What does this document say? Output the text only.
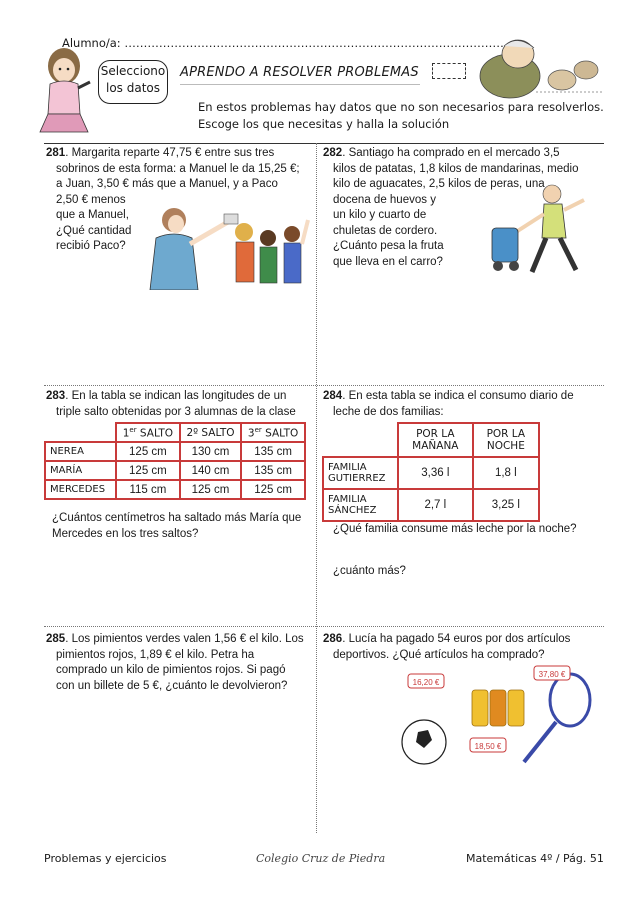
Alumno/a: ………………………………………………………………………………………
Selecciono los datos
APRENDO A RESOLVER PROBLEMAS
En estos problemas hay datos que no son necesarios para resolverlos.
Escoge los que necesitas y halla la solución
281. Margarita reparte 47,75 € entre sus tres
sobrinos de esta forma: a Manuel le da 15,25 €;
a Juan, 3,50 € más que a Manuel, y a Paco
2,50 € menos
que a Manuel,
¿Qué cantidad
recibió Paco?
282. Santiago ha comprado en el mercado 3,5
kilos de patatas, 1,8 kilos de mandarinas, medio
kilo de aguacates, 2,5 kilos de peras, una
docena de huevos y
un kilo y cuarto de
chuletas de cordero.
¿Cuánto pesa la fruta
que lleva en el carro?
283. En la tabla se indican las longitudes de un
triple salto obtenidas por 3 alumnas de la clase
	1er SALTO	2º SALTO	3er SALTO
NEREA	125 cm	130 cm	135 cm
MARÍA	125 cm	140 cm	135 cm
MERCEDES	115 cm	125 cm	125 cm
¿Cuántos centímetros ha saltado más María que
Mercedes en los tres saltos?
284. En esta tabla se indica el consumo diario de
leche de dos familias:
	POR LA MAÑANA	POR LA NOCHE
FAMILIA GUTIERREZ	3,36 l	1,8 l
FAMILIA SÁNCHEZ	2,7 l	3,25 l
¿Qué familia consume más leche por la noche?
¿cuánto más?
285. Los pimientos verdes valen 1,56 € el kilo. Los
pimientos rojos, 1,89 € el kilo. Petra ha
comprado un kilo de pimientos rojos. Si pagó
con un billete de 5 €, ¿cuánto le devolvieron?
286. Lucía ha pagado 54 euros por dos artículos
deportivos. ¿Qué artículos ha comprado?
16,20 €
37,80 €
18,50 €
Problemas y ejercicios	Colegio Cruz de Piedra	Matemáticas 4º / Pág. 51
